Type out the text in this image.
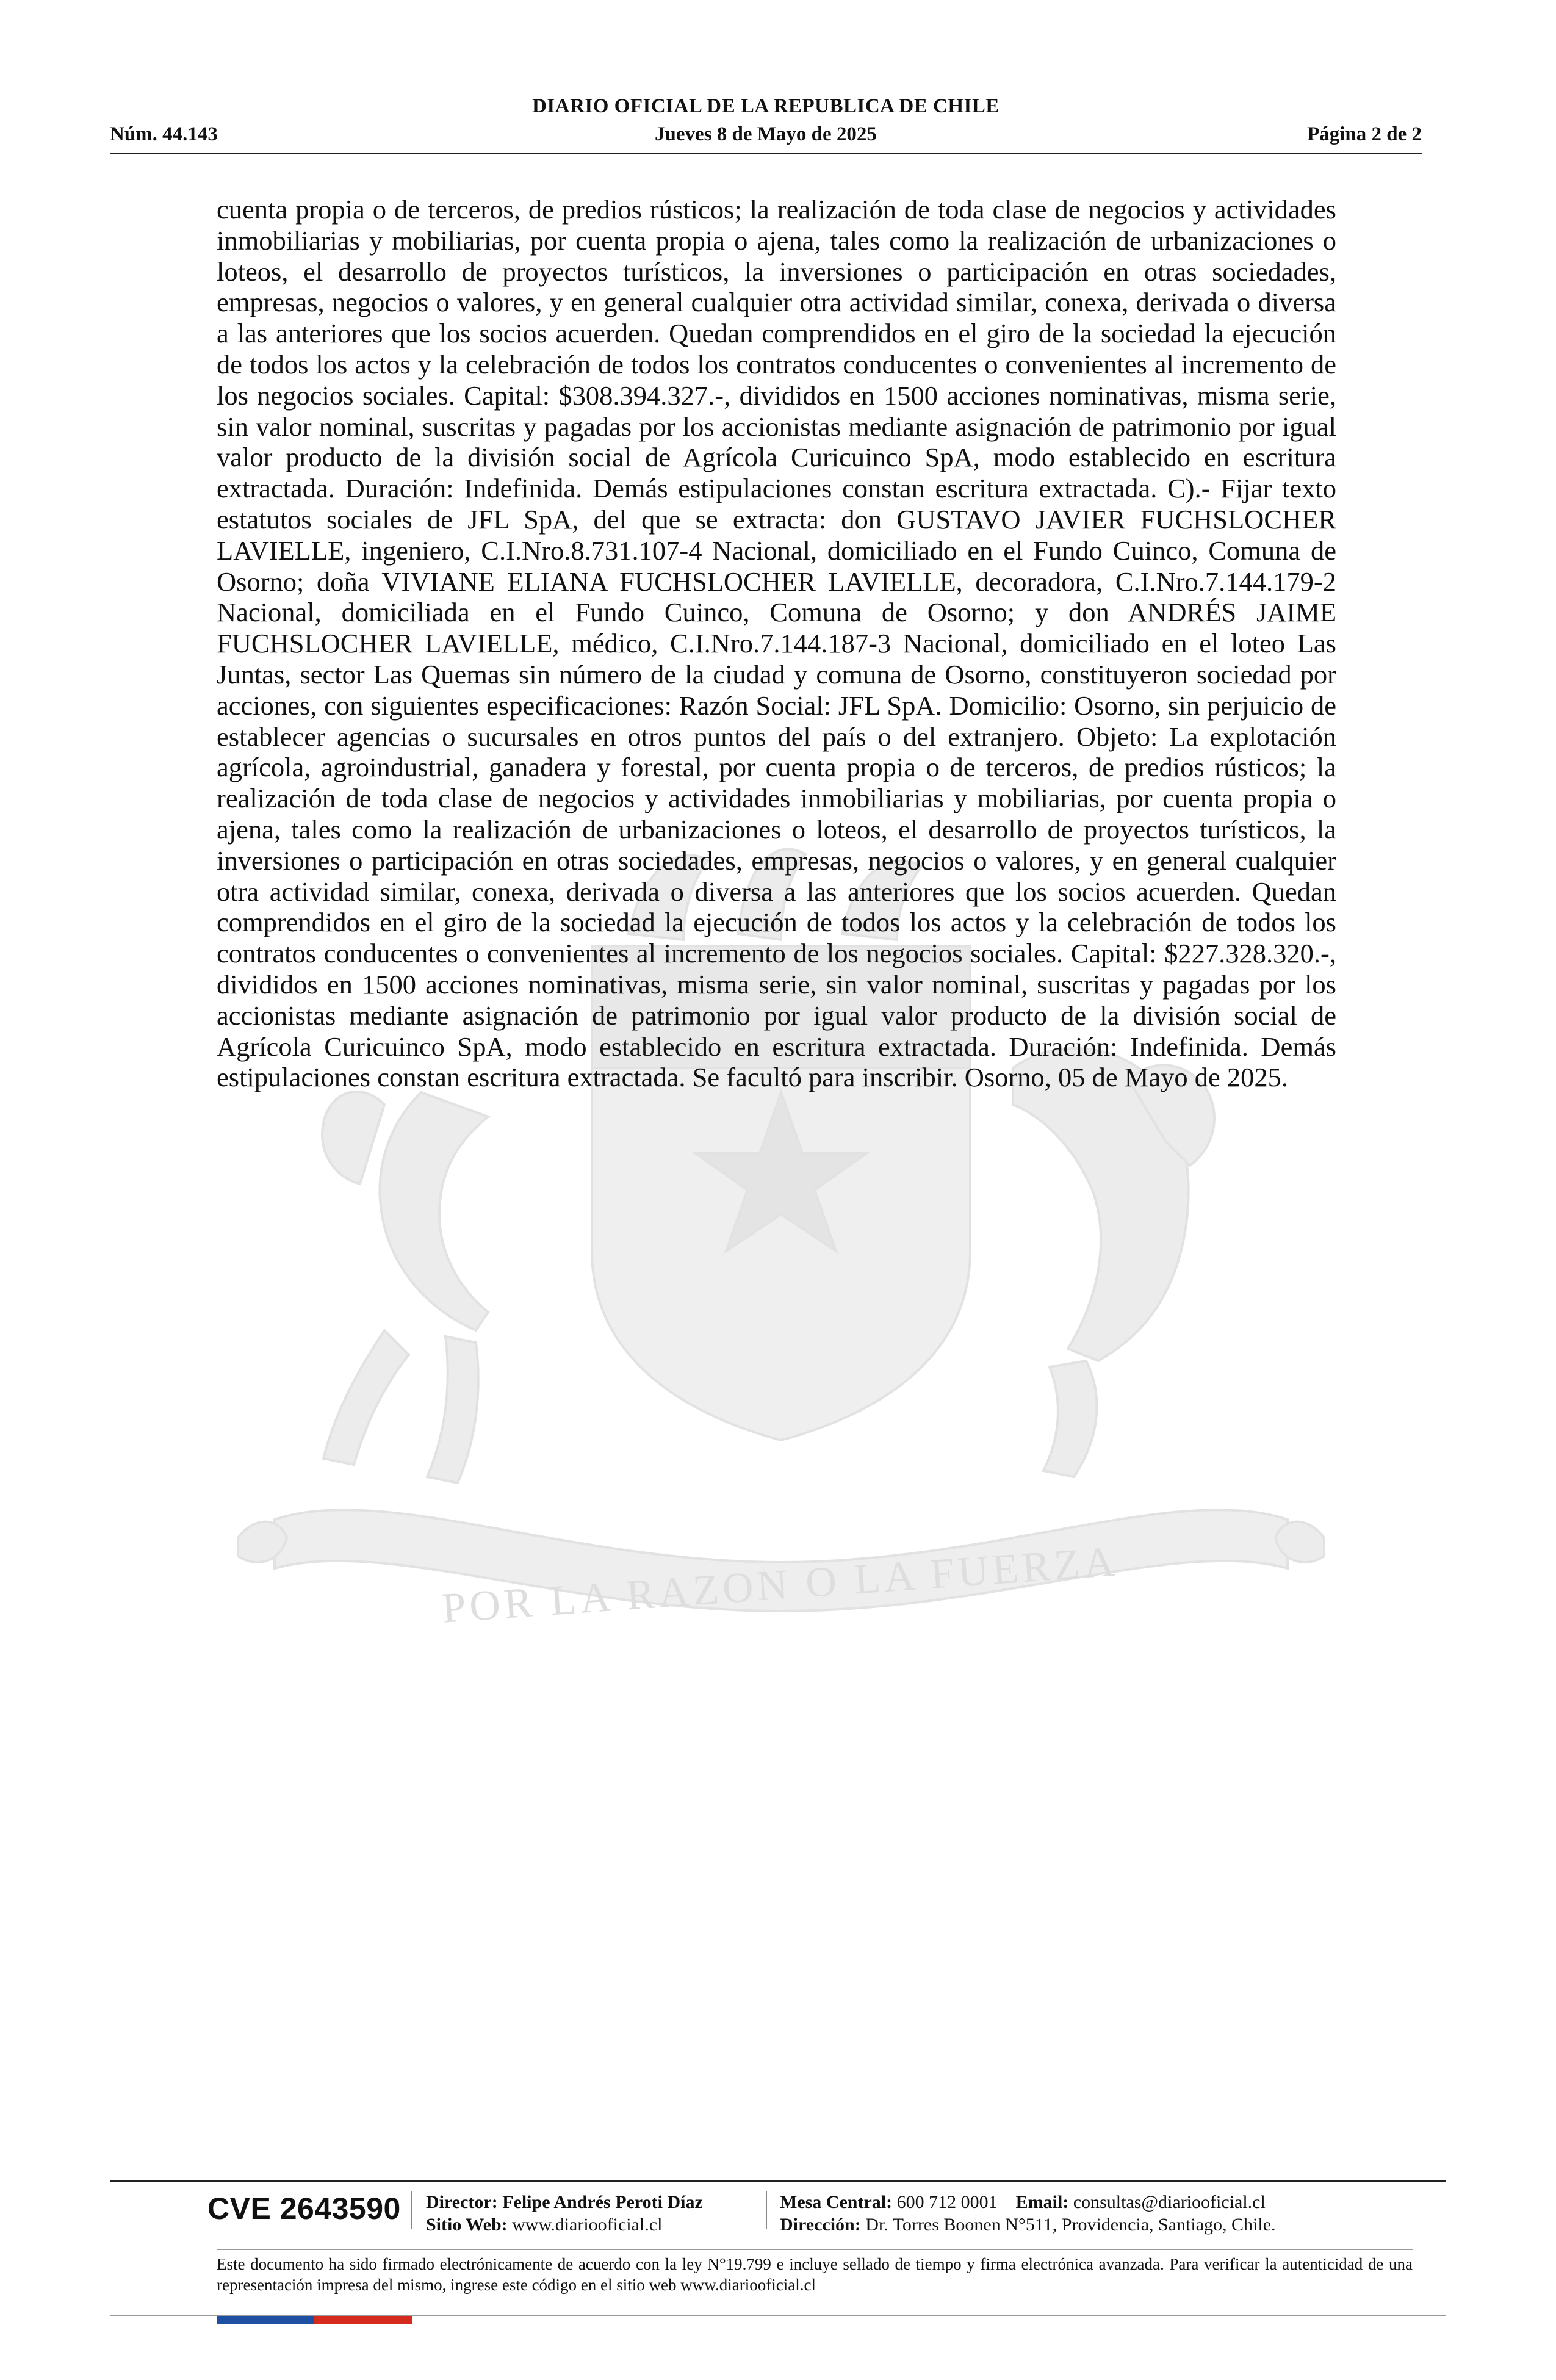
DIARIO OFICIAL DE LA REPUBLICA DE CHILE
Núm. 44.143	Jueves 8 de Mayo de 2025	Página 2 de 2
POR LA RAZON O LA FUERZA

cuenta propia o de terceros, de predios rústicos; la realización de toda clase de negocios y actividades inmobiliarias y mobiliarias, por cuenta propia o ajena, tales como la realización de urbanizaciones o loteos, el desarrollo de proyectos turísticos, la inversiones o participación en otras sociedades, empresas, negocios o valores, y en general cualquier otra actividad similar, conexa, derivada o diversa a las anteriores que los socios acuerden. Quedan comprendidos en el giro de la sociedad la ejecución de todos los actos y la celebración de todos los contratos conducentes o convenientes al incremento de los negocios sociales. Capital: $308.394.327.-, divididos en 1500 acciones nominativas, misma serie, sin valor nominal, suscritas y pagadas por los accionistas mediante asignación de patrimonio por igual valor producto de la división social de Agrícola Curicuinco SpA, modo establecido en escritura extractada. Duración: Indefinida. Demás estipulaciones constan escritura extractada. C).- Fijar texto estatutos sociales de JFL SpA, del que se extracta: don GUSTAVO JAVIER FUCHSLOCHER LAVIELLE, ingeniero, C.I.Nro.8.731.107-4 Nacional, domiciliado en el Fundo Cuinco, Comuna de Osorno; doña VIVIANE ELIANA FUCHSLOCHER LAVIELLE, decoradora, C.I.Nro.7.144.179-2 Nacional, domiciliada en el Fundo Cuinco, Comuna de Osorno; y don ANDRÉS JAIME FUCHSLOCHER LAVIELLE, médico, C.I.Nro.7.144.187-3 Nacional, domiciliado en el loteo Las Juntas, sector Las Quemas sin número de la ciudad y comuna de Osorno, constituyeron sociedad por acciones, con siguientes especificaciones: Razón Social: JFL SpA. Domicilio: Osorno, sin perjuicio de establecer agencias o sucursales en otros puntos del país o del extranjero. Objeto: La explotación agrícola, agroindustrial, ganadera y forestal, por cuenta propia o de terceros, de predios rústicos; la realización de toda clase de negocios y actividades inmobiliarias y mobiliarias, por cuenta propia o ajena, tales como la realización de urbanizaciones o loteos, el desarrollo de proyectos turísticos, la inversiones o participación en otras sociedades, empresas, negocios o valores, y en general cualquier otra actividad similar, conexa, derivada o diversa a las anteriores que los socios acuerden. Quedan comprendidos en el giro de la sociedad la ejecución de todos los actos y la celebración de todos los contratos conducentes o convenientes al incremento de los negocios sociales. Capital: $227.328.320.-, divididos en 1500 acciones nominativas, misma serie, sin valor nominal, suscritas y pagadas por los accionistas mediante asignación de patrimonio por igual valor producto de la división social de Agrícola Curicuinco SpA, modo establecido en escritura extractada. Duración: Indefinida. Demás estipulaciones constan escritura extractada. Se facultó para inscribir. Osorno, 05 de Mayo de 2025.

CVE 2643590 Director: Felipe Andrés Peroti Díaz
Sitio Web: www.diariooficial.cl
Mesa Central: 600 712 0001 Email: consultas@diariooficial.cl
Dirección: Dr. Torres Boonen N°511, Providencia, Santiago, Chile.
Este documento ha sido firmado electrónicamente de acuerdo con la ley N°19.799 e incluye sellado de tiempo y firma electrónica avanzada. Para verificar la autenticidad de una representación impresa del mismo, ingrese este código en el sitio web www.diariooficial.cl
